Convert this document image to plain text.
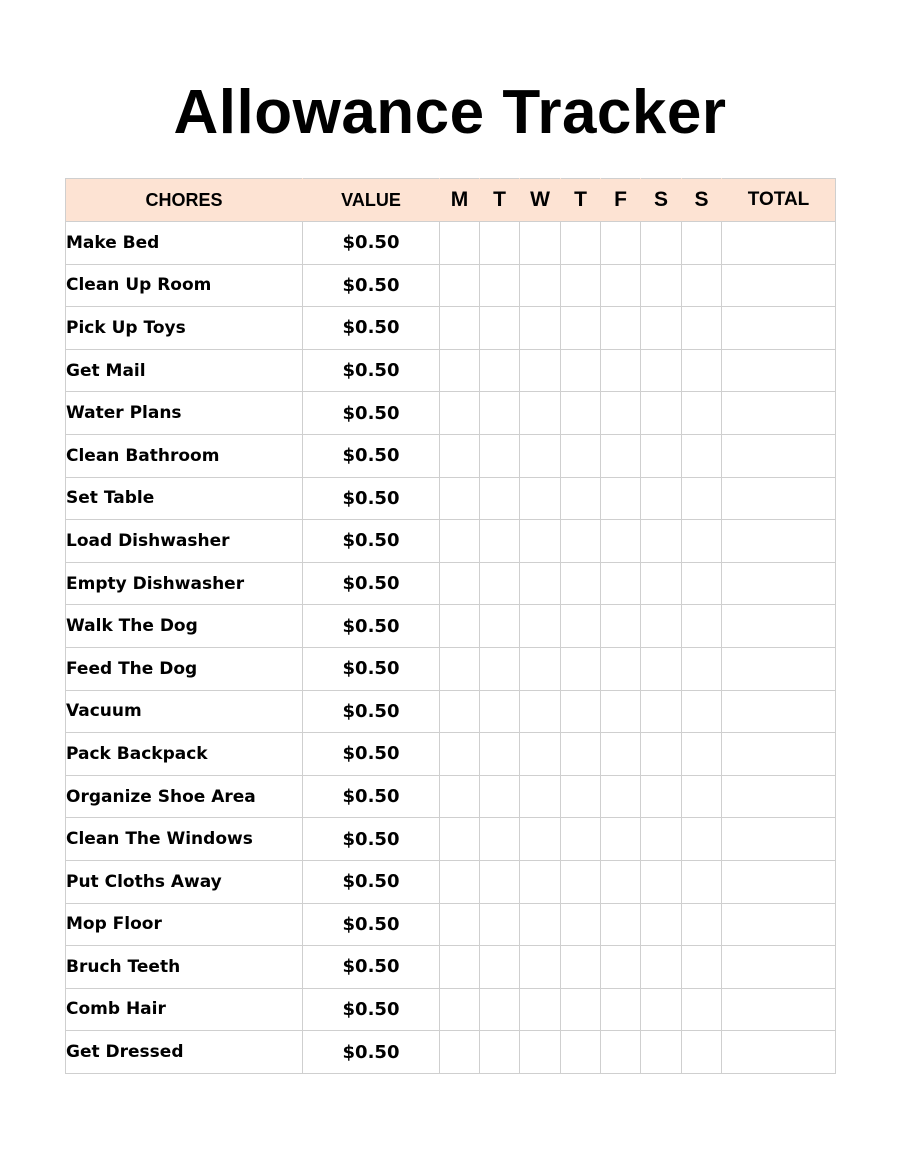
Allowance Tracker
CHORES	VALUE	M	T	W	T	F	S	S	TOTAL
Make Bed	$0.50								
Clean Up Room	$0.50								
Pick Up Toys	$0.50								
Get Mail	$0.50								
Water Plans	$0.50								
Clean Bathroom	$0.50								
Set Table	$0.50								
Load Dishwasher	$0.50								
Empty Dishwasher	$0.50								
Walk The Dog	$0.50								
Feed The Dog	$0.50								
Vacuum	$0.50								
Pack Backpack	$0.50								
Organize Shoe Area	$0.50								
Clean The Windows	$0.50								
Put Cloths Away	$0.50								
Mop Floor	$0.50								
Bruch Teeth	$0.50								
Comb Hair	$0.50								
Get Dressed	$0.50								
